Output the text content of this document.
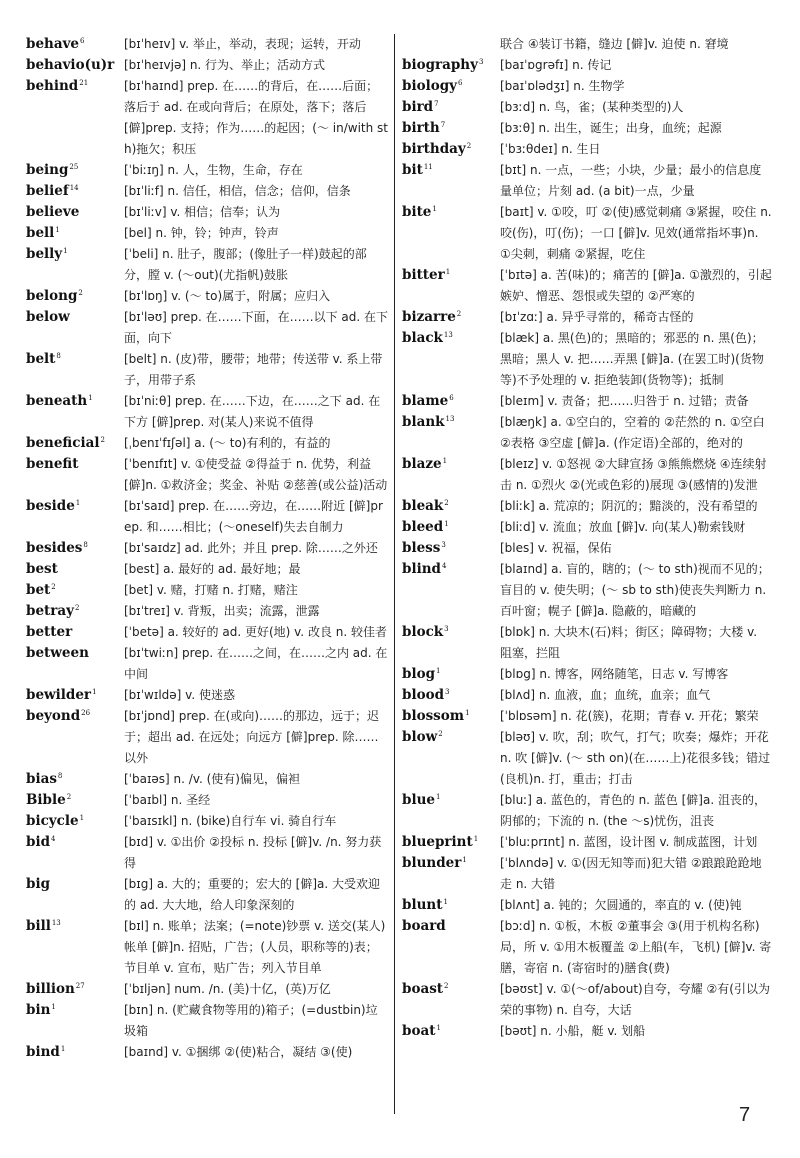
behave$^6$	[bɪˈheɪv] v. 举止，举动，表现；运转，开动
behavio(u)r [bɪˈheɪvjə] n. 行为、举止；活动方式
behind$^{21}$	[bɪˈhaɪnd] prep. 在……的背后，在……后面；落后于 ad. 在或向背后；在原处，落下；落后 [僻]prep. 支持；作为……的起因；(～ in/with sth)拖欠；积压
being$^{25}$	[ˈbiːɪŋ] n. 人，生物，生命，存在
belief$^{14}$	[bɪˈliːf] n. 信任，相信，信念；信仰，信条
believe	[bɪˈliːv] v. 相信；信奉；认为
bell$^1$	[bel] n. 钟，铃；钟声，铃声
belly$^1$	[ˈbeli] n. 肚子，腹部；(像肚子一样)鼓起的部分，膛 v. (～out)(尤指帆)鼓胀
belong$^2$	[bɪˈlɒŋ] v. (～ to)属于，附属；应归入
below	[bɪˈləʊ] prep. 在……下面，在……以下 ad. 在下面，向下
belt$^8$	[belt] n. (皮)带，腰带；地带；传送带 v. 系上带子，用带子系
beneath$^1$	[bɪˈniːθ] prep. 在……下边，在……之下 ad. 在下方 [僻]prep. 对(某人)来说不值得
beneficial$^2$	[ˌbenɪˈfɪʃəl] a. (～ to)有利的，有益的
benefit	[ˈbenɪfɪt] v. ①使受益 ②得益于 n. 优势，利益 [僻]n. ①救济金；奖金、补贴 ②慈善(或公益)活动
beside$^1$	[bɪˈsaɪd] prep. 在……旁边，在……附近 [僻]prep. 和……相比；(～oneself)失去自制力
besides$^8$	[bɪˈsaɪdz] ad. 此外；并且 prep. 除……之外还
best	[best] a. 最好的 ad. 最好地；最
bet$^2$	[bet] v. 赌，打赌 n. 打赌，赌注
betray$^2$	[bɪˈtreɪ] v. 背叛，出卖；流露，泄露
better	[ˈbetə] a. 较好的 ad. 更好(地) v. 改良 n. 较佳者
between	[bɪˈtwiːn] prep. 在……之间，在……之内 ad. 在中间
bewilder$^1$	[bɪˈwɪldə] v. 使迷惑
beyond$^{26}$	[bɪˈjɒnd] prep. 在(或向)……的那边，远于；迟于；超出 ad. 在远处；向远方 [僻]prep. 除……以外
bias$^8$	[ˈbaɪəs] n. /v. (使有)偏见，偏袒
Bible$^2$	[ˈbaɪbl] n. 圣经
bicycle$^1$	[ˈbaɪsɪkl] n. (bike)自行车 vi. 骑自行车
bid$^4$	[bɪd] v. ①出价 ②投标 n. 投标 [僻]v. /n. 努力获得
big	[bɪg] a. 大的；重要的；宏大的 [僻]a. 大受欢迎的 ad. 大大地，给人印象深刻的
bill$^{13}$	[bɪl] n. 账单；法案；(=note)钞票 v. 送交(某人)帐单 [僻]n. 招贴，广告；(人员，职称等的)表；节目单 v. 宣布，贴广告；列入节目单
billion$^{27}$	[ˈbɪljən] num. /n. (美)十亿，(英)万亿
bin$^1$	[bɪn] n. (贮藏食物等用的)箱子；(=dustbin)垃圾箱
bind$^1$	[baɪnd] v. ①捆绑 ②(使)粘合，凝结 ③(使)
联合 ④装订书籍，缝边 [僻]v. 迫使 n. 窘境
biography$^3$	[baɪˈɒgrəfɪ] n. 传记
biology$^6$	[baɪˈɒlədʒɪ] n. 生物学
bird$^7$	[bɜːd] n. 鸟，雀；(某种类型的)人
birth$^7$	[bɜːθ] n. 出生，诞生；出身，血统；起源
birthday$^2$	[ˈbɜːθdeɪ] n. 生日
bit$^{11}$	[bɪt] n. 一点，一些；小块，少量；最小的信息度量单位；片刻 ad. (a bit)一点，少量
bite$^1$	[baɪt] v. ①咬，叮 ②(使)感觉刺痛 ③紧握，咬住 n. 咬(伤)，叮(伤)；一口 [僻]v. 见效(通常指坏事)n. ①尖刺，刺痛 ②紧握，吃住
bitter$^1$	[ˈbɪtə] a. 苦(味)的；痛苦的 [僻]a. ①激烈的，引起嫉妒、憎恶、怨恨或失望的 ②严寒的
bizarre$^2$	[bɪˈzɑː] a. 异乎寻常的，稀奇古怪的
black$^{13}$	[blæk] a. 黑(色)的；黑暗的；邪恶的 n. 黑(色)；黑暗；黑人 v. 把……弄黑 [僻]a. (在罢工时)(货物等)不予处理的 v. 拒绝装卸(货物等)；抵制
blame$^6$	[bleɪm] v. 责备；把……归咎于 n. 过错；责备
blank$^{13}$	[blæŋk] a. ①空白的，空着的 ②茫然的 n. ①空白 ②表格 ③空虚 [僻]a. (作定语)全部的，绝对的
blaze$^1$	[bleɪz] v. ①怒视 ②大肆宣扬 ③熊熊燃烧 ④连续射击 n. ①烈火 ②(光或色彩的)展现 ③(感情的)发泄
bleak$^2$	[bliːk] a. 荒凉的；阴沉的；黯淡的，没有希望的
bleed$^1$	[bliːd] v. 流血；放血 [僻]v. 向(某人)勒索钱财
bless$^3$	[bles] v. 祝福，保佑
blind$^4$	[blaɪnd] a. 盲的，瞎的；(～ to sth)视而不见的；盲目的 v. 使失明；(～ sb to sth)使丧失判断力 n. 百叶窗；幌子 [僻]a. 隐蔽的，暗藏的
block$^3$	[blɒk] n. 大块木(石)料；街区；障碍物；大楼 v. 阻塞，拦阻
blog$^1$	[blɒg] n. 博客，网络随笔，日志 v. 写博客
blood$^3$	[blʌd] n. 血液，血；血统，血亲；血气
blossom$^1$	[ˈblɒsəm] n. 花(簇)，花期；青春 v. 开花；繁荣
blow$^2$	[bləʊ] v. 吹，刮；吹气，打气；吹奏；爆炸；开花 n. 吹 [僻]v. (～ sth on)(在……上)花很多钱；错过(良机)n. 打，重击；打击
blue$^1$	[bluː] a. 蓝色的，青色的 n. 蓝色 [僻]a. 沮丧的，阴郁的；下流的 n. (the ～s)忧伤，沮丧
blueprint$^1$	[ˈbluːprɪnt] n. 蓝图，设计图 v. 制成蓝图，计划
blunder$^1$	[ˈblʌndə] v. ①(因无知等而)犯大错 ②踉踉跄跄地走 n. 大错
blunt$^1$	[blʌnt] a. 钝的；欠圆通的，率直的 v. (使)钝
board	[bɔːd] n. ①板，木板 ②董事会 ③(用于机构名称)局，所 v. ①用木板覆盖 ②上船(车，飞机) [僻]v. 寄膳，寄宿 n. (寄宿时的)膳食(费)
boast$^2$	[bəʊst] v. ①(～of/about)自夸，夸耀 ②有(引以为荣的事物) n. 自夸，大话
boat$^1$	[bəʊt] n. 小船，艇 v. 划船
7
